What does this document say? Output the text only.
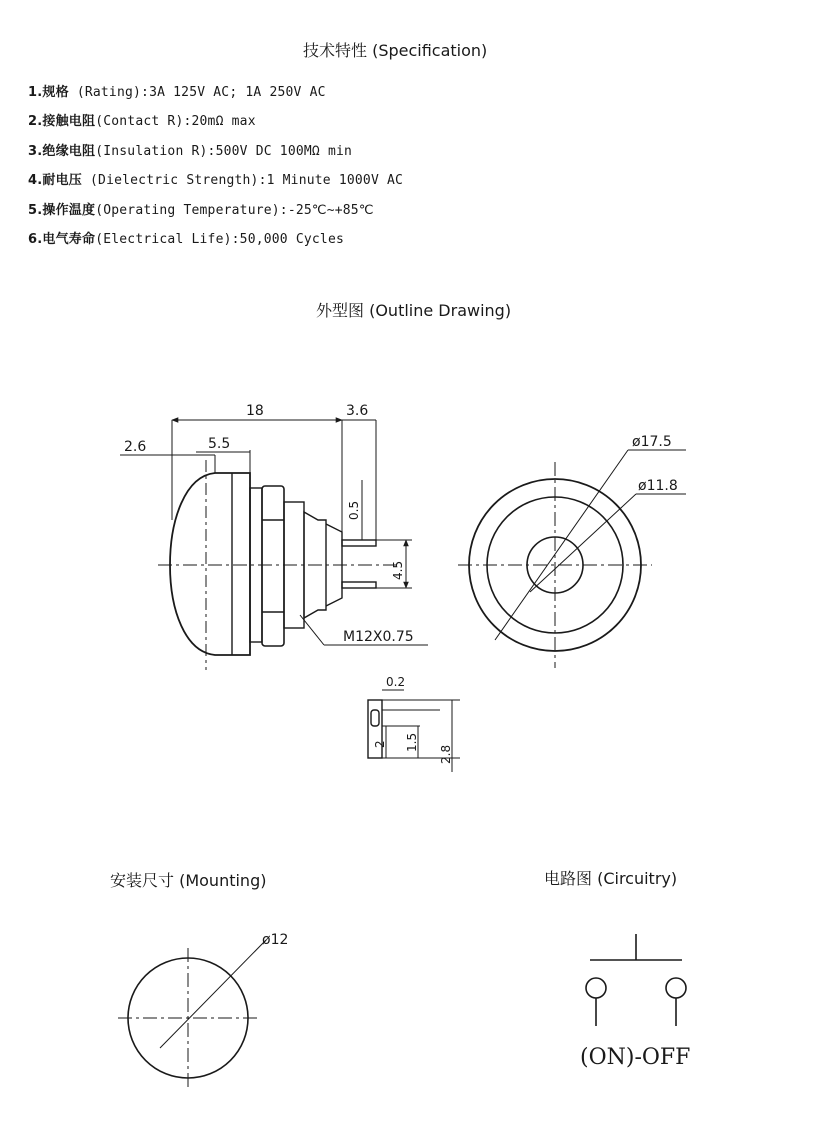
技术特性 (Specification)
1.规格 (Rating):3A 125V AC; 1A 250V AC
2.接触电阻(Contact R):20mΩ max
3.绝缘电阻(Insulation R):500V DC 100MΩ min
4.耐电压 (Dielectric Strength):1 Minute 1000V AC
5.操作温度(Operating Temperature):-25℃~+85℃
6.电气寿命(Electrical Life):50,000 Cycles
外型图 (Outline Drawing)
安装尺寸 (Mounting)	电路图 (Circuitry)
18	3.6
2.6	5.5
0.5
4.5
M12X0.75
ø17.5
ø11.8
0.2
2 1.5
2.8
ø12
(ON)-OFF
